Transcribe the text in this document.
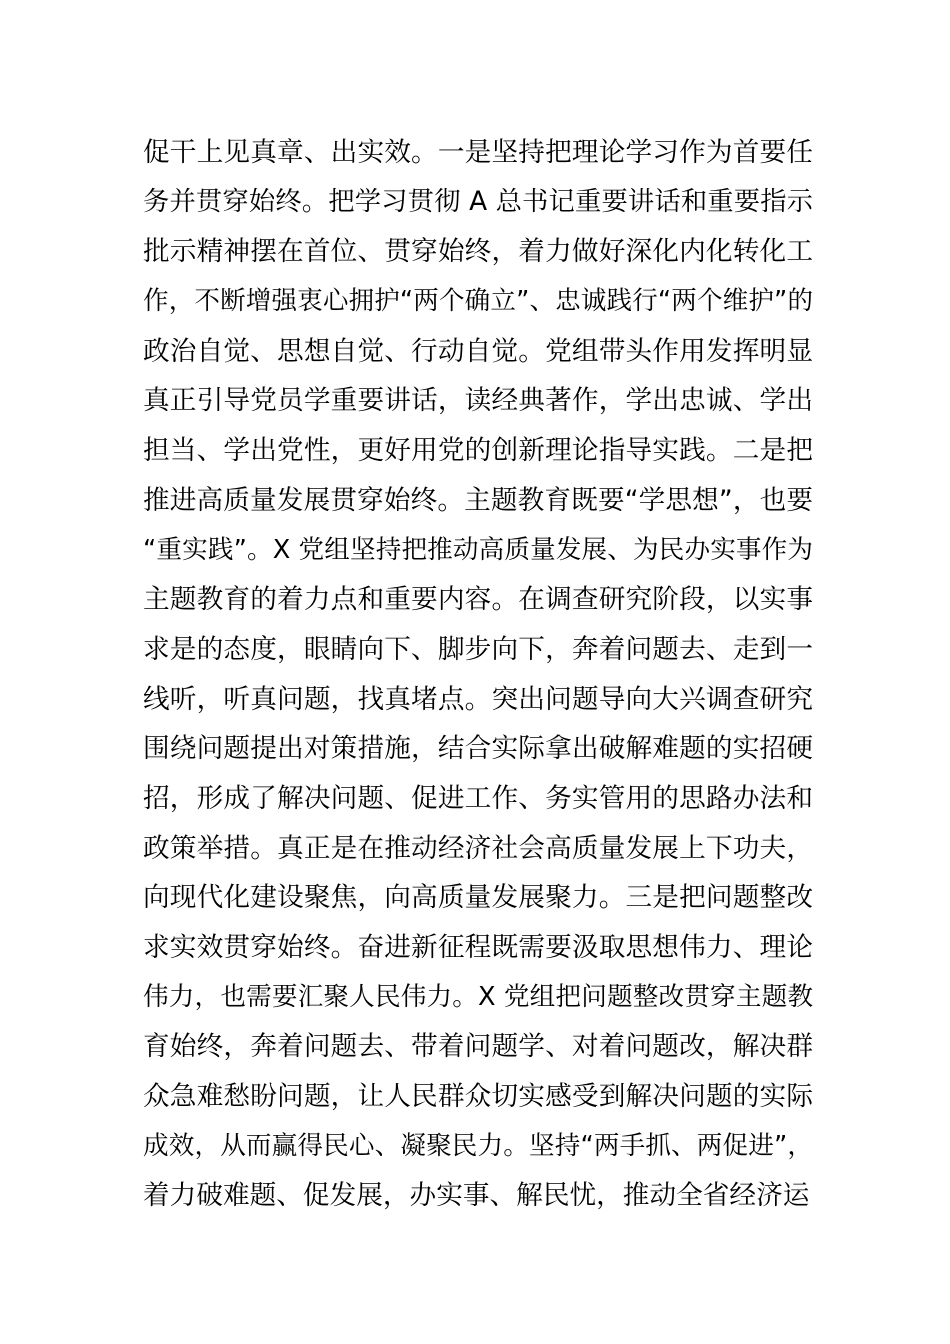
促干上见真章、出实效。一是坚持把理论学习作为首要任
务并贯穿始终。把学习贯彻 A 总书记重要讲话和重要指示
批示精神摆在首位、贯穿始终，着力做好深化内化转化工
作，不断增强衷心拥护“两个确立”、忠诚践行“两个维护”的
政治自觉、思想自觉、行动自觉。党组带头作用发挥明显
真正引导党员学重要讲话，读经典著作，学出忠诚、学出
担当、学出党性，更好用党的创新理论指导实践。二是把
推进高质量发展贯穿始终。主题教育既要“学思想”，也要
“重实践”。X 党组坚持把推动高质量发展、为民办实事作为
主题教育的着力点和重要内容。在调查研究阶段，以实事
求是的态度，眼睛向下、脚步向下，奔着问题去、走到一
线听，听真问题，找真堵点。突出问题导向大兴调查研究
围绕问题提出对策措施，结合实际拿出破解难题的实招硬
招，形成了解决问题、促进工作、务实管用的思路办法和
政策举措。真正是在推动经济社会高质量发展上下功夫，
向现代化建设聚焦，向高质量发展聚力。三是把问题整改
求实效贯穿始终。奋进新征程既需要汲取思想伟力、理论
伟力，也需要汇聚人民伟力。X 党组把问题整改贯穿主题教
育始终，奔着问题去、带着问题学、对着问题改，解决群
众急难愁盼问题，让人民群众切实感受到解决问题的实际
成效，从而赢得民心、凝聚民力。坚持“两手抓、两促进”，
着力破难题、促发展，办实事、解民忧，推动全省经济运
